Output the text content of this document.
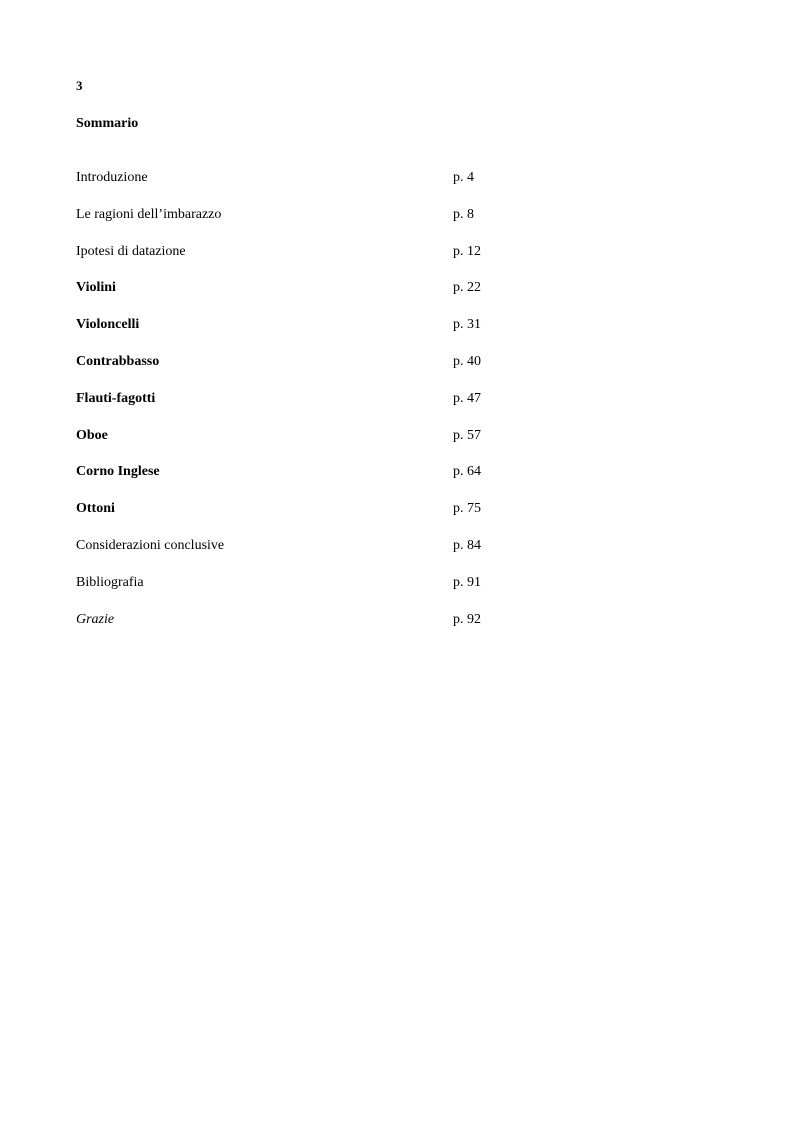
3
Sommario
Introduzione	p. 4
Le ragioni dell’imbarazzo	p. 8
Ipotesi di datazione	p. 12
Violini	p. 22
Violoncelli	p. 31
Contrabbasso	p. 40
Flauti-fagotti	p. 47
Oboe	p. 57
Corno Inglese	p. 64
Ottoni	p. 75
Considerazioni conclusive	p. 84
Bibliografia	p. 91
Grazie	p. 92
